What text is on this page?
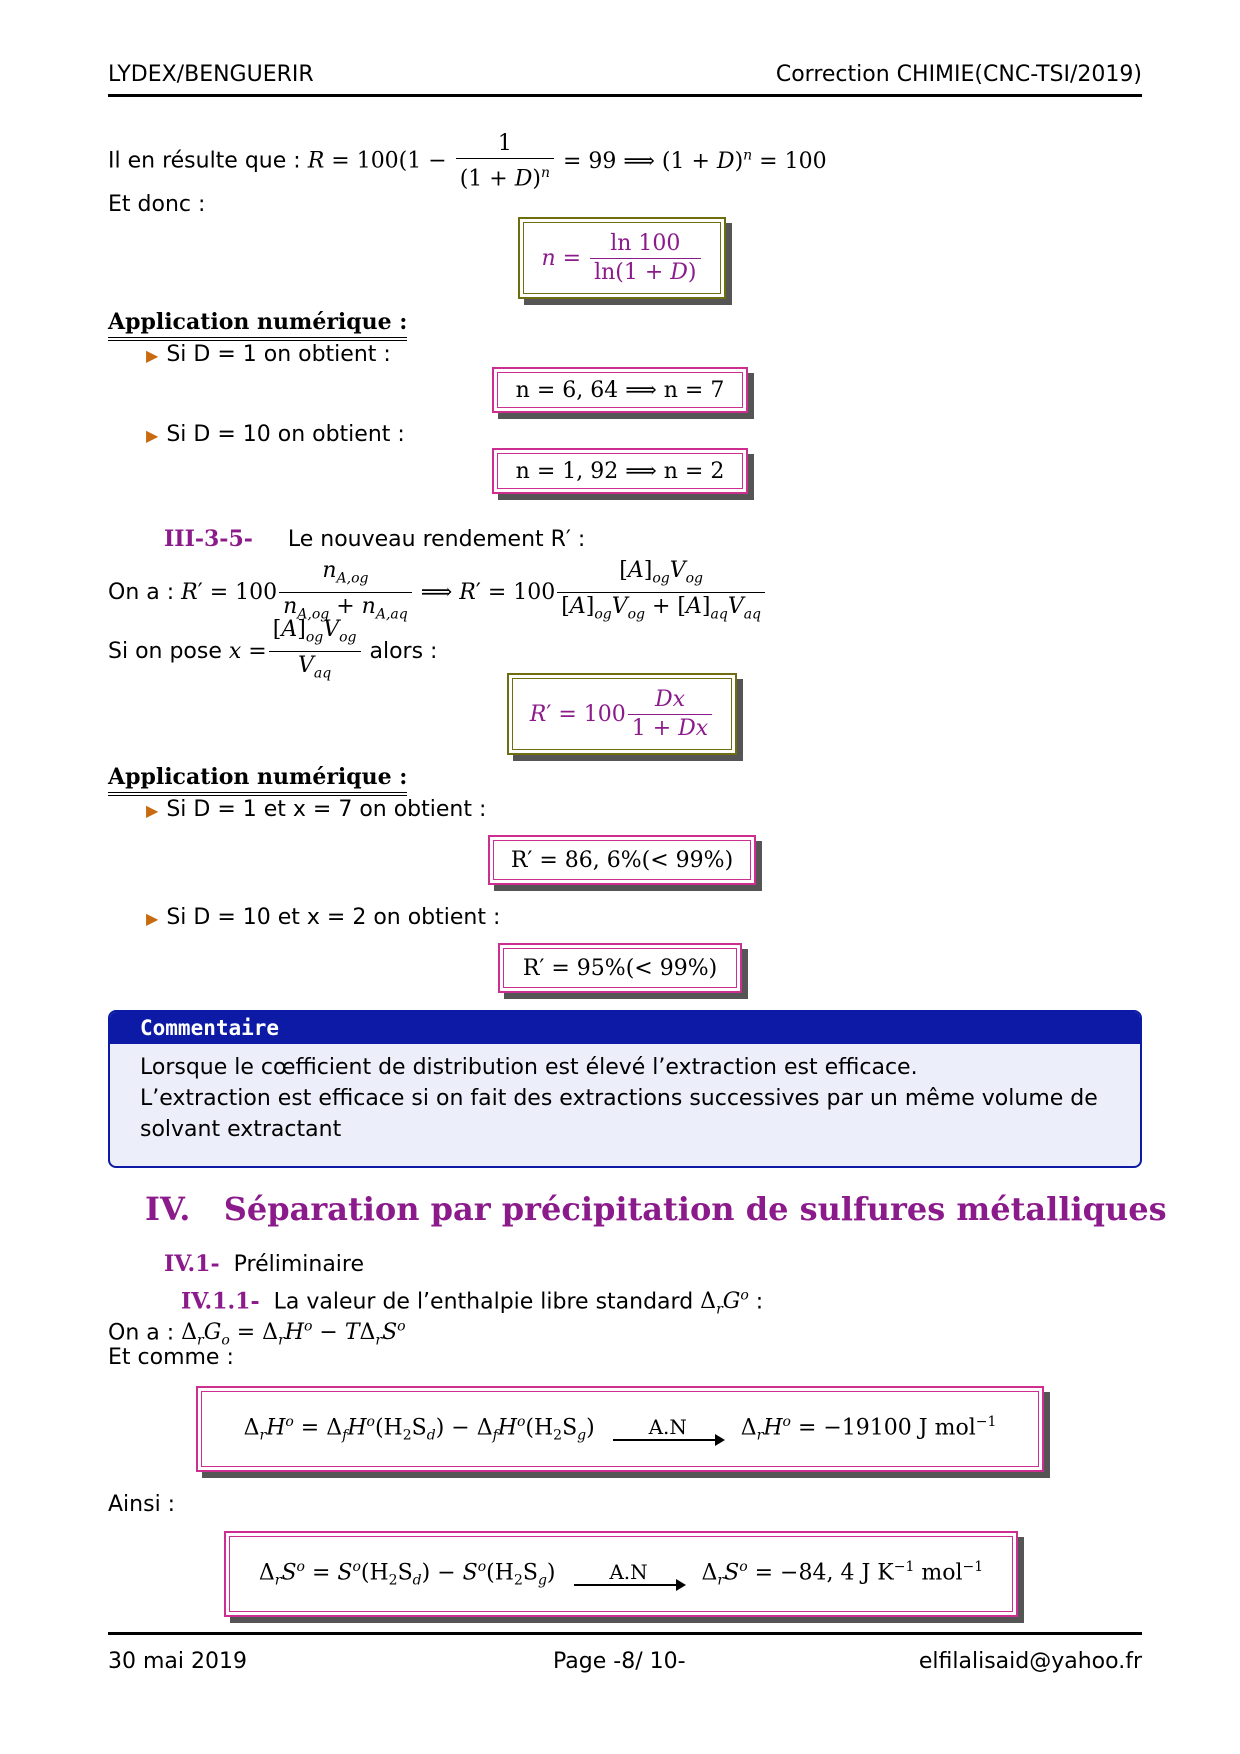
LYDEX/BENGUERIR	Correction CHIMIE(CNC-TSI/2019)
Il en résulte que : $R = 100(1 - \frac{1}{(1 + D)^n} = 99$ ⟹ $(1 + D)^n = 100$
Et donc :
$n = \frac{\ln 100}{\ln(1 + D)}$
Application numérique :
▶ Si D = 1 on obtient :
n = 6, 64 ⟹ n = 7
▶ Si D = 10 on obtient :
n = 1, 92 ⟹ n = 2
III-3-5- Le nouveau rendement R′ :
On a : $R' = 100 \frac{n_{A,og}}{n_{A,og} + n_{A,aq}}$ ⟹ $R' = 100 \frac{[A]_{og}V_{og}}{[A]_{og}V_{og} + [A]_{aq}V_{aq}}$
Si on pose $x = \frac{[A]_{og}V_{og}}{V_{aq}}$ alors :
R ′ = $100 \frac{Dx}{1 + Dx}$
Application numérique :
▶ Si D = 1 et x = 7 on obtient :
R′ = 86, 6%(< 99%)
▶ Si D = 10 et x = 2 on obtient :
R′ = 95%(< 99%)
Commentaire
Lorsque le cœfficient de distribution est élevé l’extraction est efficace.
L’extraction est efficace si on fait des extractions successives par un même volume de
solvant extractant
IV. Séparation par précipitation de sulfures métalliques
IV.1- Préliminaire
IV.1.1- La valeur de l’enthalpie libre standard $\Delta_rG^o$ :
On a : $\Delta_rG_o = \Delta_rH^o - T\Delta_rS^o$
Et comme :
$\Delta_rH^o = \Delta_fH^o(H_2S_d) - \Delta_fH^o(H_2S_g)$	A.N $\Delta_rH^o = -19100$ J mol$^{-1}$
Ainsi :
$\Delta_rS^o = S^o(H_2S_d) - S^o(H_2S_g)$	A.N $\Delta_rS^o = -84$, 4 J $K^{-1}$ mol$^{-1}$
30 mai 2019	Page -8/ 10-	elfilalisaid@yahoo.fr
